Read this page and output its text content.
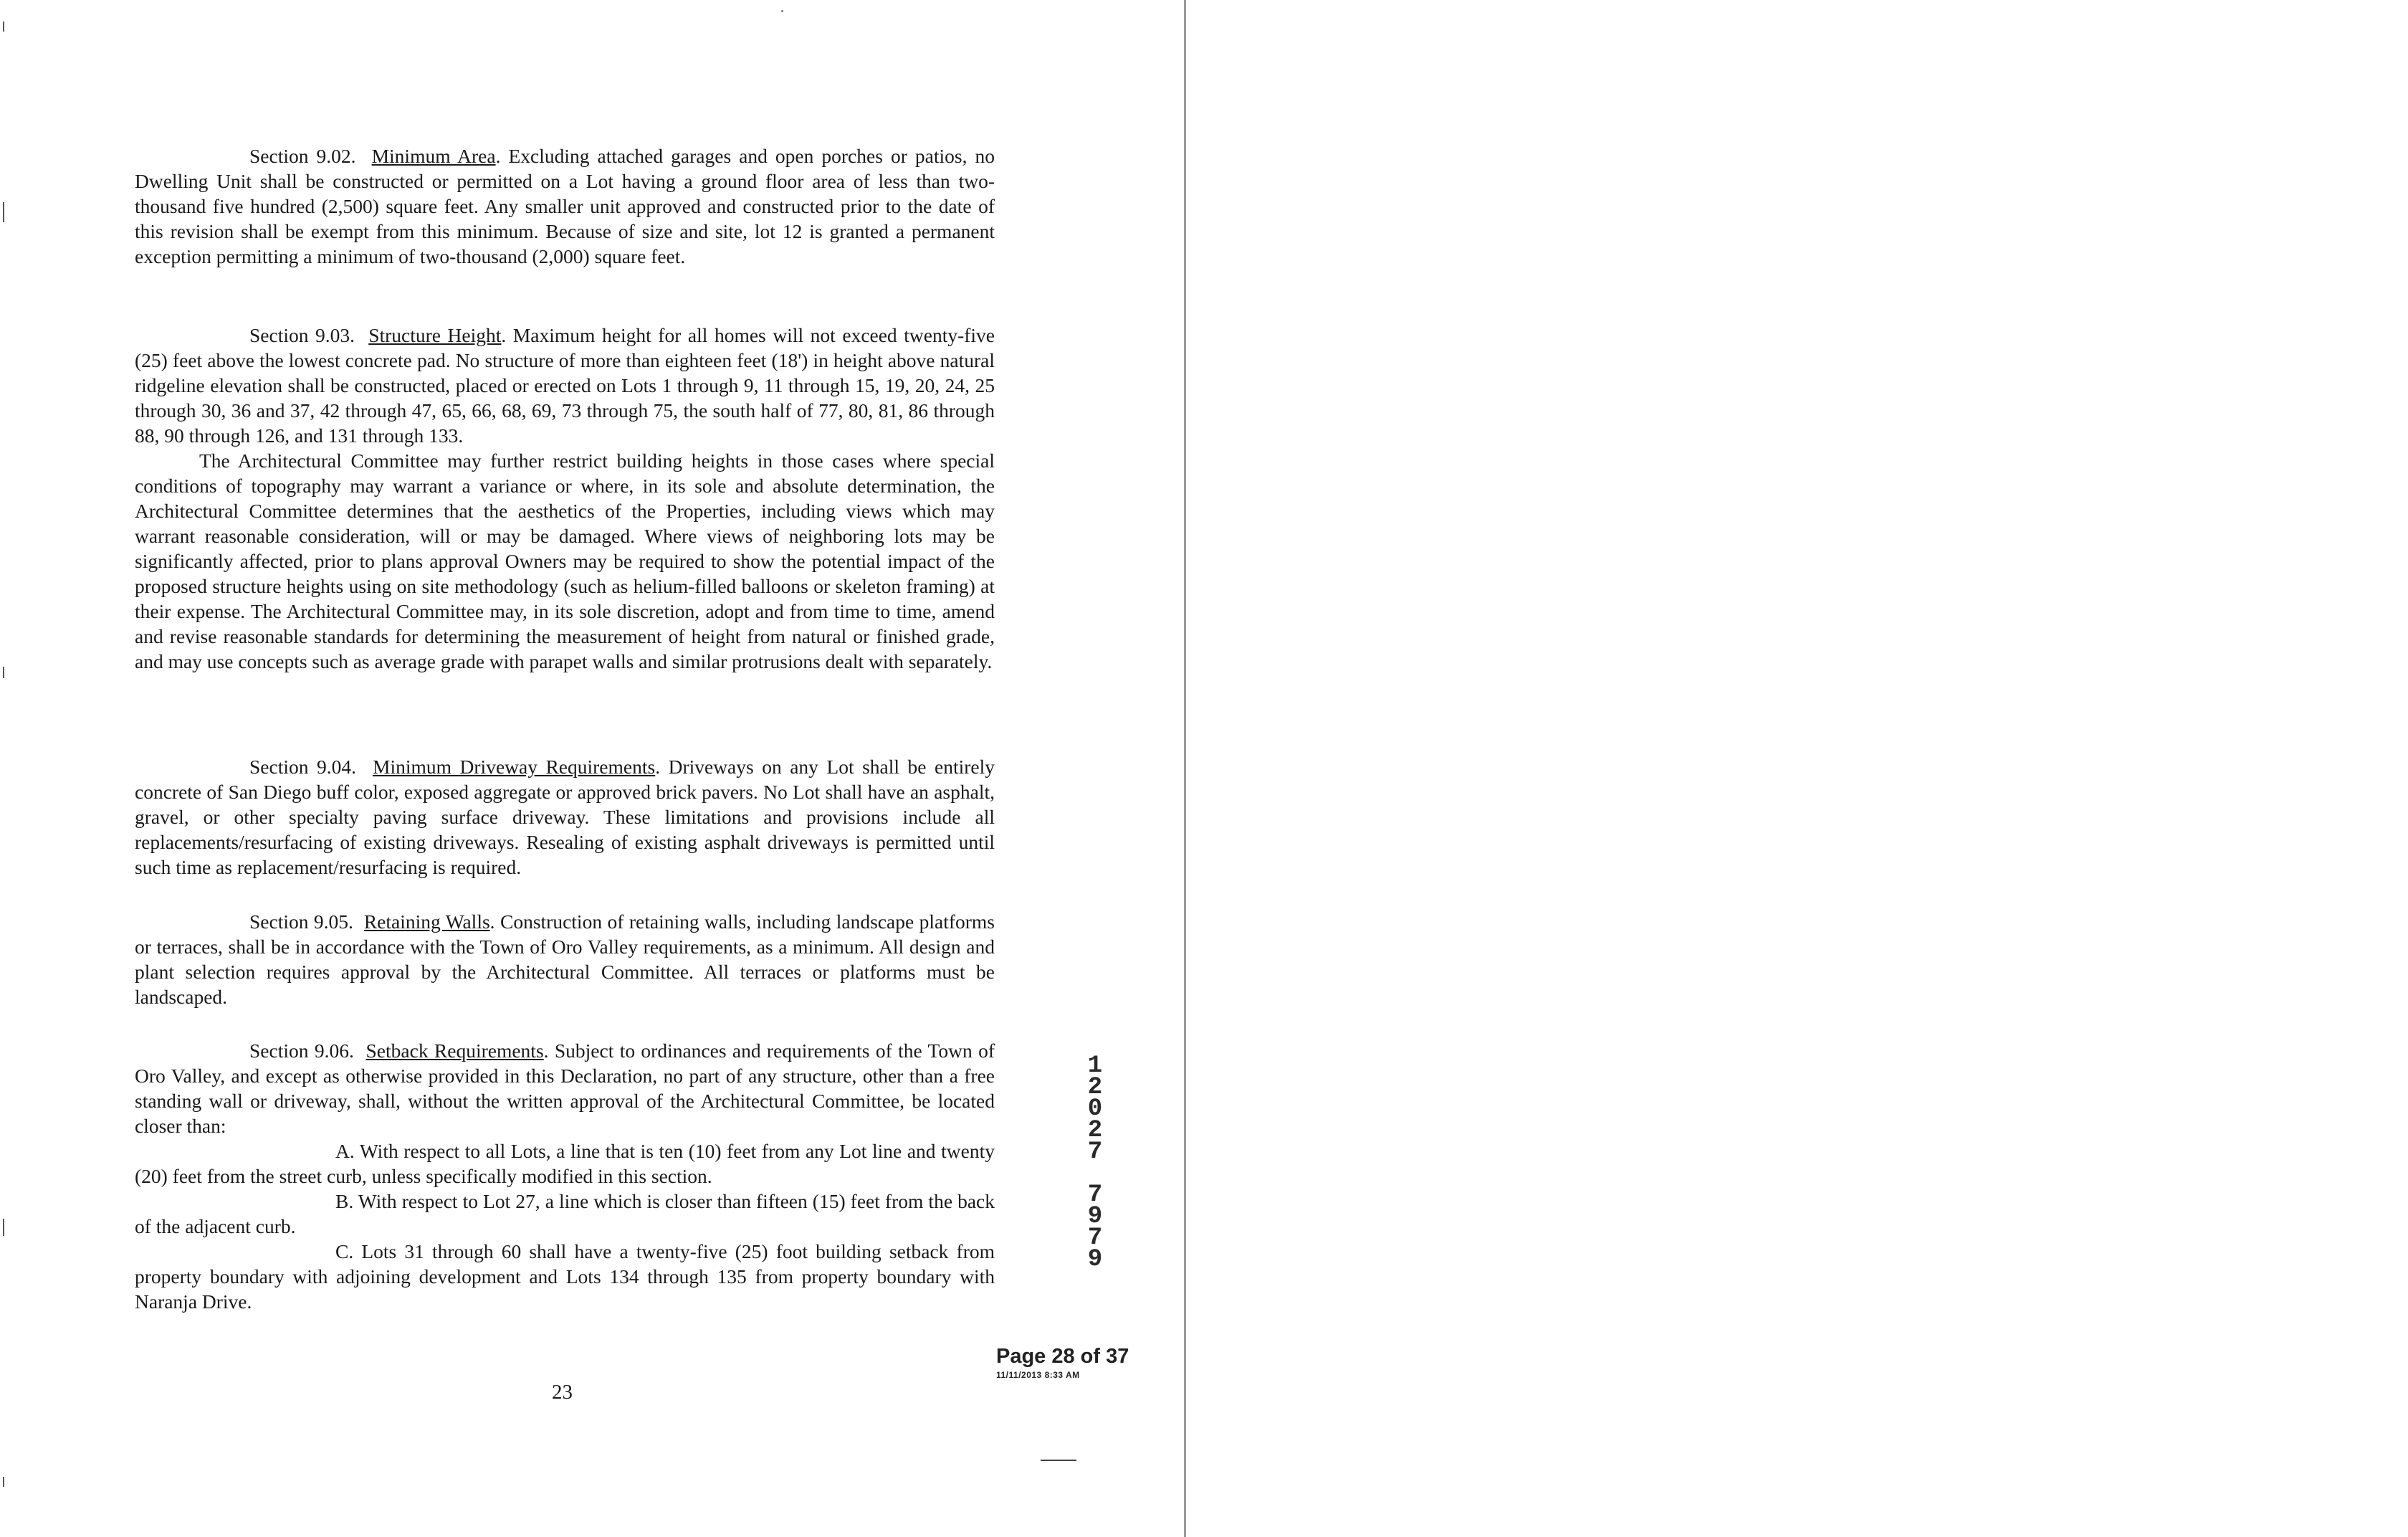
Section 9.02. Minimum Area. Excluding attached garages and open porches or patios, no Dwelling Unit shall be constructed or permitted on a Lot having a ground floor area of less than two-thousand five hundred (2,500) square feet. Any smaller unit approved and constructed prior to the date of this revision shall be exempt from this minimum. Because of size and site, lot 12 is granted a permanent exception permitting a minimum of two-thousand (2,000) square feet.

Section 9.03. Structure Height. Maximum height for all homes will not exceed twenty-five (25) feet above the lowest concrete pad. No structure of more than eighteen feet (18') in height above natural ridgeline elevation shall be constructed, placed or erected on Lots 1 through 9, 11 through 15, 19, 20, 24, 25 through 30, 36 and 37, 42 through 47, 65, 66, 68, 69, 73 through 75, the south half of 77, 80, 81, 86 through 88, 90 through 126, and 131 through 133.

The Architectural Committee may further restrict building heights in those cases where special conditions of topography may warrant a variance or where, in its sole and absolute determination, the Architectural Committee determines that the aesthetics of the Properties, including views which may warrant reasonable consideration, will or may be damaged. Where views of neighboring lots may be significantly affected, prior to plans approval Owners may be required to show the potential impact of the proposed structure heights using on site methodology (such as helium-filled balloons or skeleton framing) at their expense. The Architectural Committee may, in its sole discretion, adopt and from time to time, amend and revise reasonable standards for determining the measurement of height from natural or finished grade, and may use concepts such as average grade with parapet walls and similar protrusions dealt with separately.

Section 9.04. Minimum Driveway Requirements. Driveways on any Lot shall be entirely concrete of San Diego buff color, exposed aggregate or approved brick pavers. No Lot shall have an asphalt, gravel, or other specialty paving surface driveway. These limitations and provisions include all replacements/resurfacing of existing driveways. Resealing of existing asphalt driveways is permitted until such time as replacement/resurfacing is required.

Section 9.05. Retaining Walls. Construction of retaining walls, including landscape platforms or terraces, shall be in accordance with the Town of Oro Valley requirements, as a minimum. All design and plant selection requires approval by the Architectural Committee. All terraces or platforms must be landscaped.

Section 9.06. Setback Requirements. Subject to ordinances and requirements of the Town of Oro Valley, and except as otherwise provided in this Declaration, no part of any structure, other than a free standing wall or driveway, shall, without the written approval of the Architectural Committee, be located closer than:

A. With respect to all Lots, a line that is ten (10) feet from any Lot line and twenty (20) feet from the street curb, unless specifically modified in this section.

B. With respect to Lot 27, a line which is closer than fifteen (15) feet from the back of the adjacent curb.

C. Lots 31 through 60 shall have a twenty-five (25) foot building setback from property boundary with adjoining development and Lots 134 through 135 from property boundary with Naranja Drive.

1
2
0
2
7
7
9
7
9
Page 28 of 37
11/11/2013 8:33 AM
23
